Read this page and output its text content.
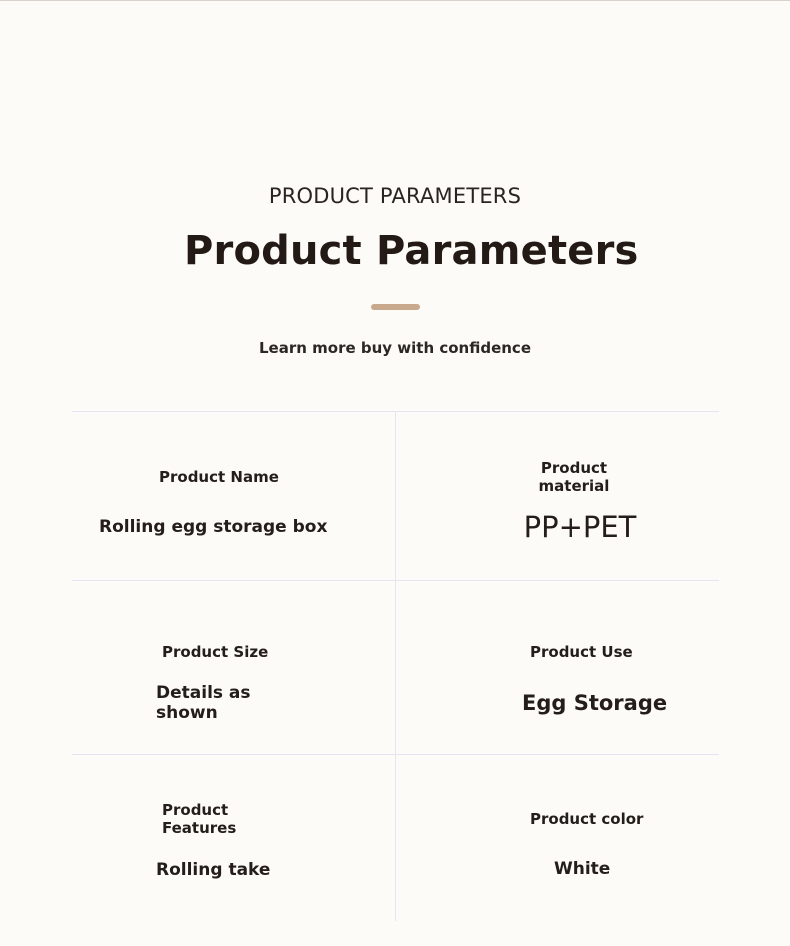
PRODUCT PARAMETERS
Product Parameters
Learn more buy with confidence
Product Name
Rolling egg storage box
Product
material
PP+PET
Product Size
Details as
shown
Product Use
Egg Storage
Product
Features
Rolling take
Product color
White
